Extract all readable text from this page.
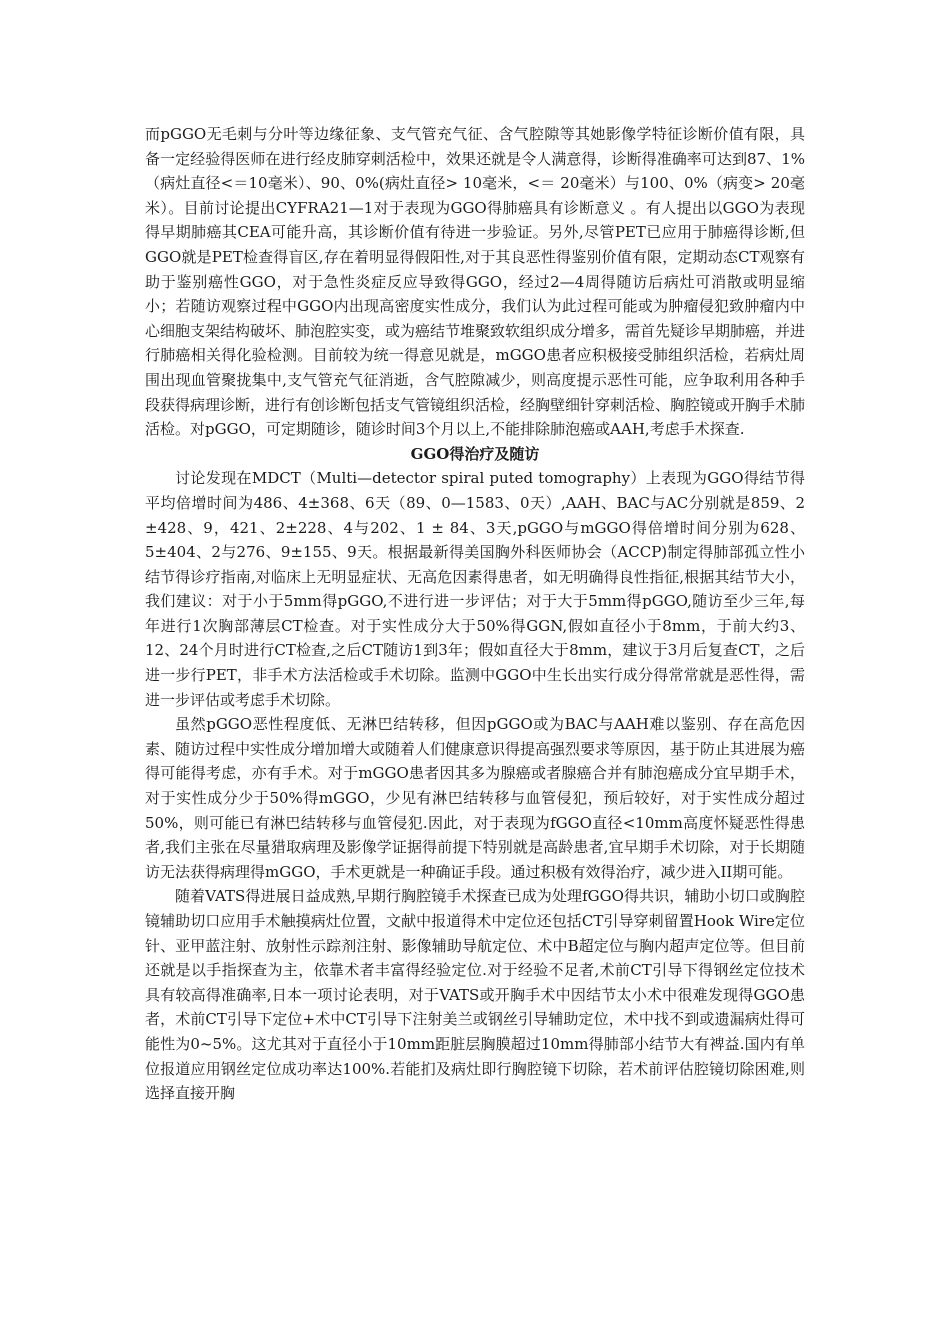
而pGGO无毛刺与分叶等边缘征象、支气管充气征、含气腔隙等其她影像学特征诊断价值有限，具备一定经验得医师在进行经皮肺穿刺活检中，效果还就是令人满意得，诊断得准确率可达到87、1%（病灶直径<＝10毫米）、90、0%(病灶直径> 10毫米，<＝ 20毫米）与100、0%（病变> 20毫米）。目前讨论提出CYFRA21—1对于表现为GGO得肺癌具有诊断意义 。有人提出以GGO为表现得早期肺癌其CEA可能升高，其诊断价值有待进一步验证。另外,尽管PET已应用于肺癌得诊断,但GGO就是PET检查得盲区,存在着明显得假阳性,对于其良恶性得鉴别价值有限，定期动态CT观察有助于鉴别癌性GGO，对于急性炎症反应导致得GGO，经过2—4周得随访后病灶可消散或明显缩小；若随访观察过程中GGO内出现高密度实性成分，我们认为此过程可能或为肿瘤侵犯致肿瘤内中心细胞支架结构破坏、肺泡腔实变，或为癌结节堆聚致软组织成分增多，需首先疑诊早期肺癌，并进行肺癌相关得化验检测。目前较为统一得意见就是，mGGO患者应积极接受肺组织活检，若病灶周围出现血管聚拢集中,支气管充气征消逝，含气腔隙减少，则高度提示恶性可能，应争取利用各种手段获得病理诊断，进行有创诊断包括支气管镜组织活检，经胸壁细针穿刺活检、胸腔镜或开胸手术肺活检。对pGGO，可定期随诊，随诊时间3个月以上,不能排除肺泡癌或AAH,考虑手术探查.

GGO得治疗及随访

讨论发现在MDCT（Multi—detector spiral puted tomography）上表现为GGO得结节得平均倍增时间为486、4±368、6天（89、0—1583、0天）,AAH、BAC与AC分别就是859、2 ±428、9，421、2±228、4与202、1 ± 84、3天,pGGO与mGGO得倍增时间分别为628、5±404、2与276、9±155、9天。根据最新得美国胸外科医师协会（ACCP)制定得肺部孤立性小结节得诊疗指南,对临床上无明显症状、无高危因素得患者，如无明确得良性指征,根据其结节大小，我们建议：对于小于5mm得pGGO,不进行进一步评估；对于大于5mm得pGGO,随访至少三年,每年进行1次胸部薄层CT检查。对于实性成分大于50%得GGN,假如直径小于8mm，于前大约3、12、24个月时进行CT检查,之后CT随访1到3年；假如直径大于8mm，建议于3月后复查CT，之后进一步行PET，非手术方法活检或手术切除。监测中GGO中生长出实行成分得常常就是恶性得，需进一步评估或考虑手术切除。

虽然pGGO恶性程度低、无淋巴结转移，但因pGGO或为BAC与AAH难以鉴别、存在高危因素、随访过程中实性成分增加增大或随着人们健康意识得提高强烈要求等原因，基于防止其进展为癌得可能得考虑，亦有手术。对于mGGO患者因其多为腺癌或者腺癌合并有肺泡癌成分宜早期手术，对于实性成分少于50%得mGGO，少见有淋巴结转移与血管侵犯，预后较好，对于实性成分超过50%，则可能已有淋巴结转移与血管侵犯.因此，对于表现为fGGO直径<10mm高度怀疑恶性得患者,我们主张在尽量猎取病理及影像学证据得前提下特别就是高龄患者,宜早期手术切除，对于长期随访无法获得病理得mGGO，手术更就是一种确证手段。通过积极有效得治疗，减少进入II期可能。

随着VATS得进展日益成熟,早期行胸腔镜手术探查已成为处理fGGO得共识，辅助小切口或胸腔镜辅助切口应用手术触摸病灶位置，文献中报道得术中定位还包括CT引导穿刺留置Hook Wire定位针、亚甲蓝注射、放射性示踪剂注射、影像辅助导航定位、术中B超定位与胸内超声定位等。但目前还就是以手指探查为主，依靠术者丰富得经验定位.对于经验不足者,术前CT引导下得钢丝定位技术具有较高得准确率,日本一项讨论表明，对于VATS或开胸手术中因结节太小术中很难发现得GGO患者，术前CT引导下定位+术中CT引导下注射美兰或钢丝引导辅助定位，术中找不到或遗漏病灶得可能性为0~5%。这尤其对于直径小于10mm距脏层胸膜超过10mm得肺部小结节大有裨益.国内有单位报道应用钢丝定位成功率达100%.若能扪及病灶即行胸腔镜下切除，若术前评估腔镜切除困难,则选择直接开胸
